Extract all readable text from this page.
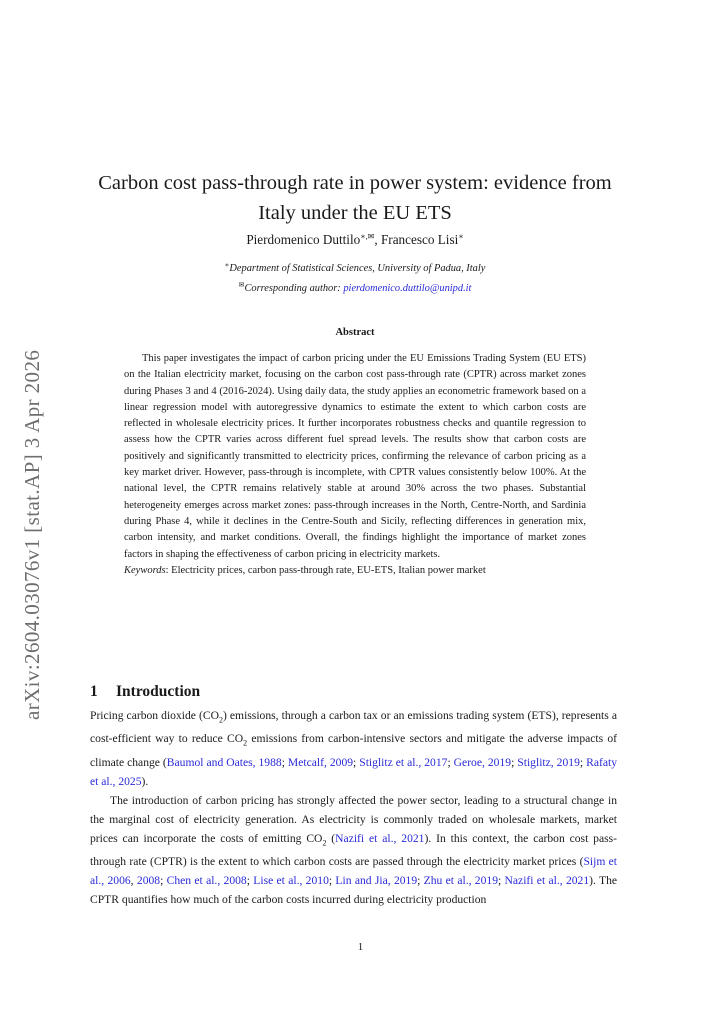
arXiv:2604.03076v1 [stat.AP] 3 Apr 2026
Carbon cost pass-through rate in power system: evidence from
Italy under the EU ETS
Pierdomenico Duttilo∗,✉, Francesco Lisi∗
∗Department of Statistical Sciences, University of Padua, Italy
✉Corresponding author: pierdomenico.duttilo@unipd.it
Abstract

This paper investigates the impact of carbon pricing under the EU Emissions Trading System (EU ETS) on the Italian electricity market, focusing on the carbon cost pass-through rate (CPTR) across market zones during Phases 3 and 4 (2016-2024). Using daily data, the study applies an econometric framework based on a linear regression model with autoregressive dynamics to estimate the extent to which carbon costs are reflected in wholesale electricity prices. It further incorporates robustness checks and quantile regression to assess how the CPTR varies across different fuel spread levels. The results show that carbon costs are positively and significantly transmitted to electricity prices, confirming the relevance of carbon pricing as a key market driver. However, pass-through is incomplete, with CPTR values consistently below 100%. At the national level, the CPTR remains relatively stable at around 30% across the two phases. Substantial heterogeneity emerges across market zones: pass-through increases in the North, Centre-North, and Sardinia during Phase 4, while it declines in the Centre-South and Sicily, reflecting differences in generation mix, carbon intensity, and market conditions. Overall, the findings highlight the importance of market zones factors in shaping the effectiveness of carbon pricing in electricity markets.

Keywords: Electricity prices, carbon pass-through rate, EU-ETS, Italian power market
1 Introduction

Pricing carbon dioxide $(CO_2)$ emissions, through a carbon tax or an emissions trading system (ETS), represents a cost-efficient way to reduce $CO_2$ emissions from carbon-intensive sectors and mitigate the adverse impacts of climate change (Baumol and Oates, 1988; Metcalf, 2009; Stiglitz et al., 2017; Geroe, 2019; Stiglitz, 2019; Rafaty et al., 2025).

The introduction of carbon pricing has strongly affected the power sector, leading to a structural change in the marginal cost of electricity generation. As electricity is commonly traded on wholesale markets, market prices can incorporate the costs of emitting $CO_2$ (Nazifi et al., 2021). In this context, the carbon cost pass-through rate (CPTR) is the extent to which carbon costs are passed through the electricity market prices (Sijm et al., 2006, 2008; Chen et al., 2008; Lise et al., 2010; Lin and Jia, 2019; Zhu et al., 2019; Nazifi et al., 2021). The CPTR quantifies how much of the carbon costs incurred during electricity production

1
